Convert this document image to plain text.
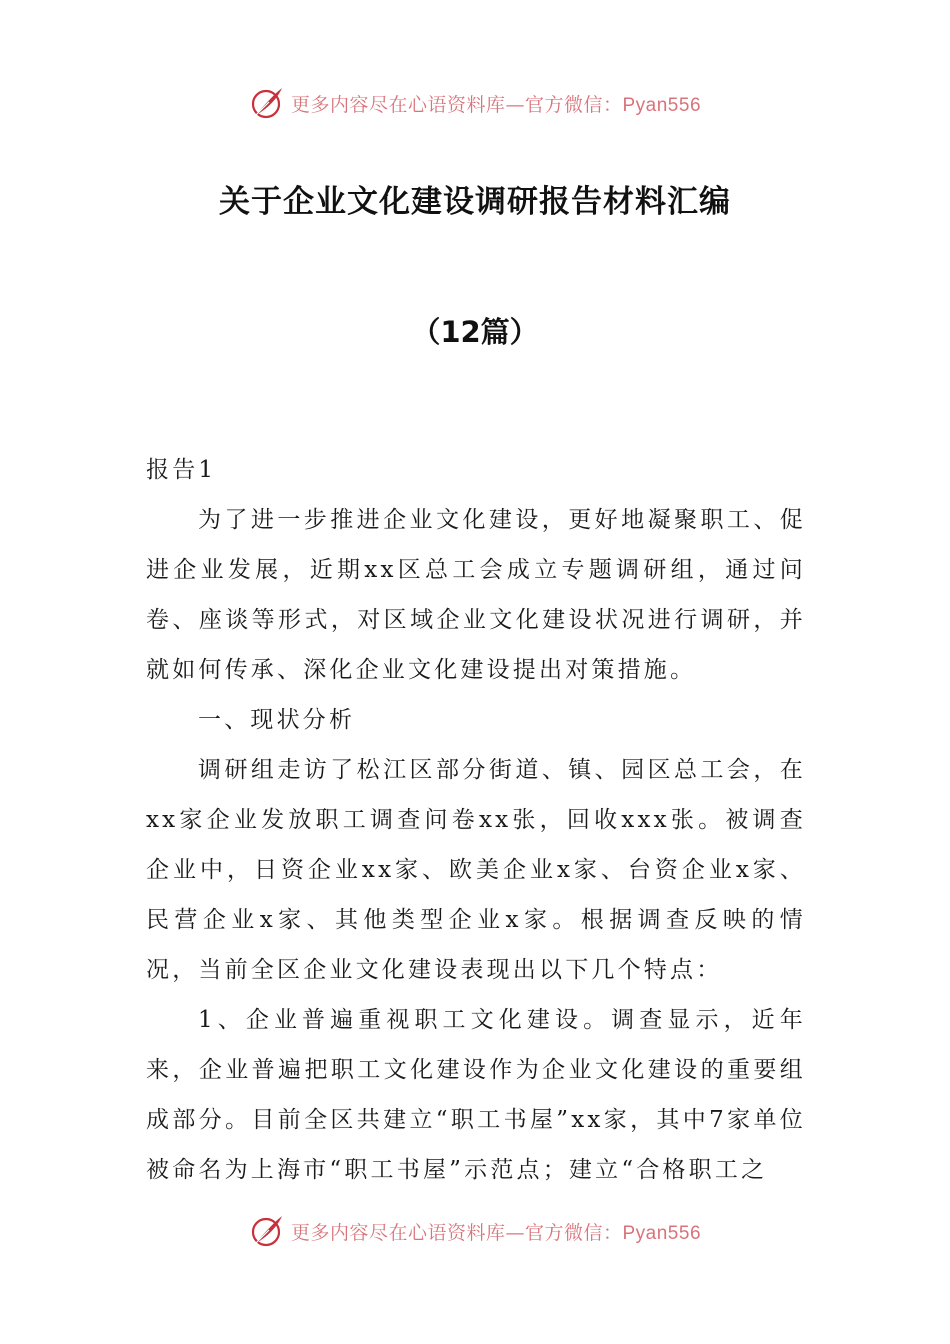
更多内容尽在心语资料库—官方微信：Pyan556
关于企业文化建设调研报告材料汇编
（12篇）

报告1

为了进一步推进企业文化建设，更好地凝聚职工、促进企业发展，近期xx区总工会成立专题调研组，通过问卷、座谈等形式，对区域企业文化建设状况进行调研，并就如何传承、深化企业文化建设提出对策措施。

一、现状分析

调研组走访了松江区部分街道、镇、园区总工会，在xx家企业发放职工调查问卷xx张，回收xxx张。被调查企业中，日资企业xx家、欧美企业x家、台资企业x家、民营企业x家、其他类型企业x家。根据调查反映的情况，当前全区企业文化建设表现出以下几个特点：

1、企业普遍重视职工文化建设。调查显示，近年来，企业普遍把职工文化建设作为企业文化建设的重要组成部分。目前全区共建立“职工书屋”xx家，其中7家单位被命名为上海市“职工书屋”示范点；建立“合格职工之

更多内容尽在心语资料库—官方微信：Pyan556
